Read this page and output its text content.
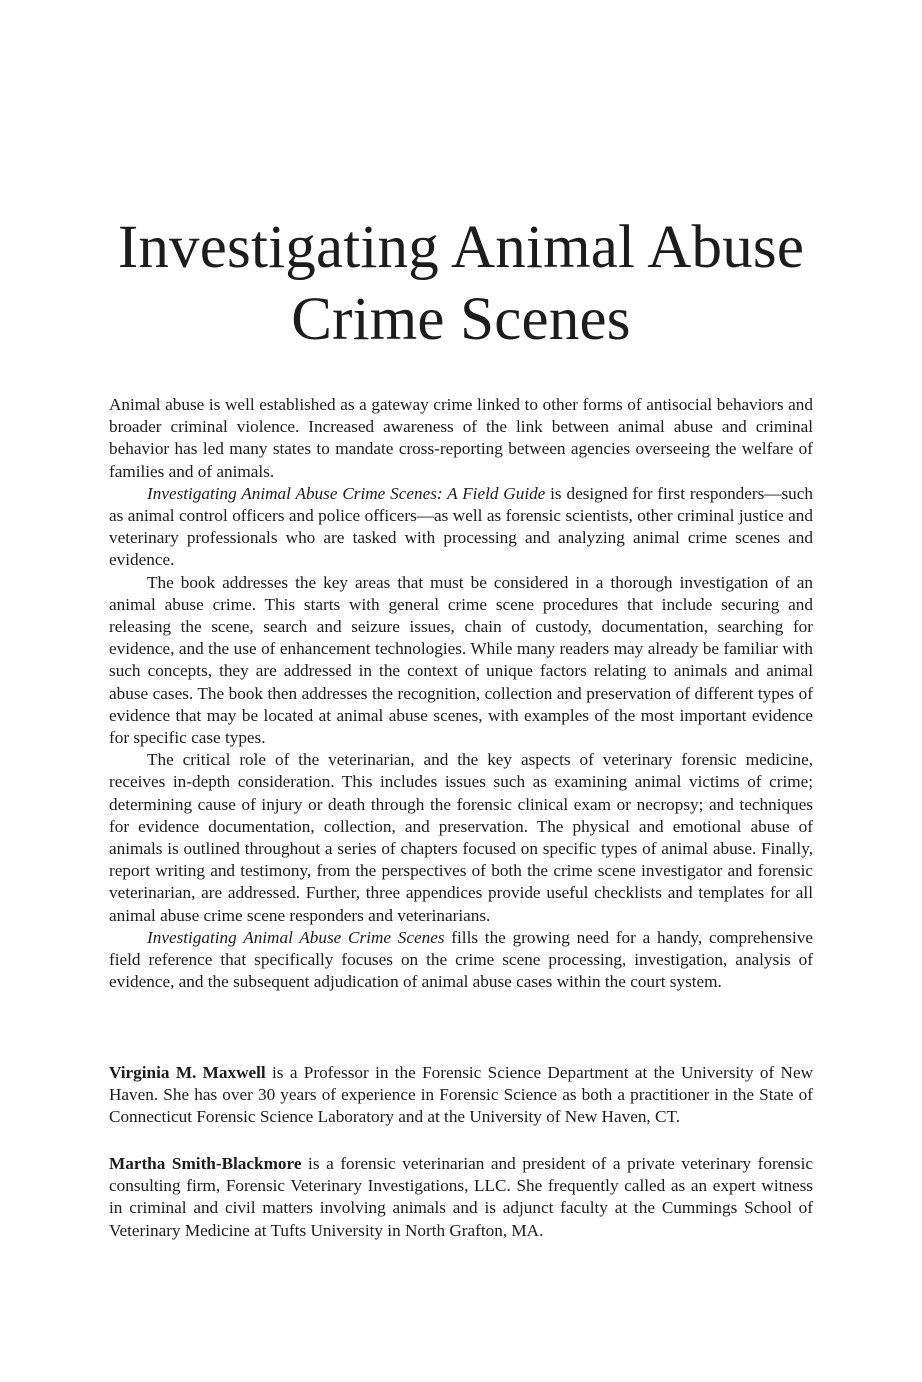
Investigating Animal Abuse
Crime Scenes

Animal abuse is well established as a gateway crime linked to other forms of antisocial behaviors and broader criminal violence. Increased awareness of the link between animal abuse and criminal behavior has led many states to mandate cross-reporting between agencies overseeing the welfare of families and of animals.

Investigating Animal Abuse Crime Scenes: A Field Guide is designed for first responders—such as animal control officers and police officers—as well as forensic scientists, other criminal justice and veterinary professionals who are tasked with processing and analyzing animal crime scenes and evidence.

The book addresses the key areas that must be considered in a thorough investigation of an animal abuse crime. This starts with general crime scene procedures that include securing and releasing the scene, search and seizure issues, chain of custody, documentation, searching for evidence, and the use of enhancement technologies. While many readers may already be familiar with such concepts, they are addressed in the context of unique factors relating to animals and animal abuse cases. The book then addresses the recognition, collection and preservation of different types of evidence that may be located at animal abuse scenes, with examples of the most important evidence for specific case types.

The critical role of the veterinarian, and the key aspects of veterinary forensic medicine, receives in-depth consideration. This includes issues such as examining animal victims of crime; determining cause of injury or death through the forensic clinical exam or necropsy; and techniques for evidence documentation, collection, and preservation. The physical and emotional abuse of animals is outlined throughout a series of chapters focused on specific types of animal abuse. Finally, report writing and testimony, from the perspectives of both the crime scene investigator and forensic veterinarian, are addressed. Further, three appendices provide useful checklists and templates for all animal abuse crime scene responders and veterinarians.

Investigating Animal Abuse Crime Scenes fills the growing need for a handy, comprehensive field reference that specifically focuses on the crime scene processing, investigation, analysis of evidence, and the subsequent adjudication of animal abuse cases within the court system.

Virginia M. Maxwell is a Professor in the Forensic Science Department at the University of New Haven. She has over 30 years of experience in Forensic Science as both a practitioner in the State of Connecticut Forensic Science Laboratory and at the University of New Haven, CT.

Martha Smith-Blackmore is a forensic veterinarian and president of a private veterinary forensic consulting firm, Forensic Veterinary Investigations, LLC. She frequently called as an expert witness in criminal and civil matters involving animals and is adjunct faculty at the Cummings School of Veterinary Medicine at Tufts University in North Grafton, MA.
